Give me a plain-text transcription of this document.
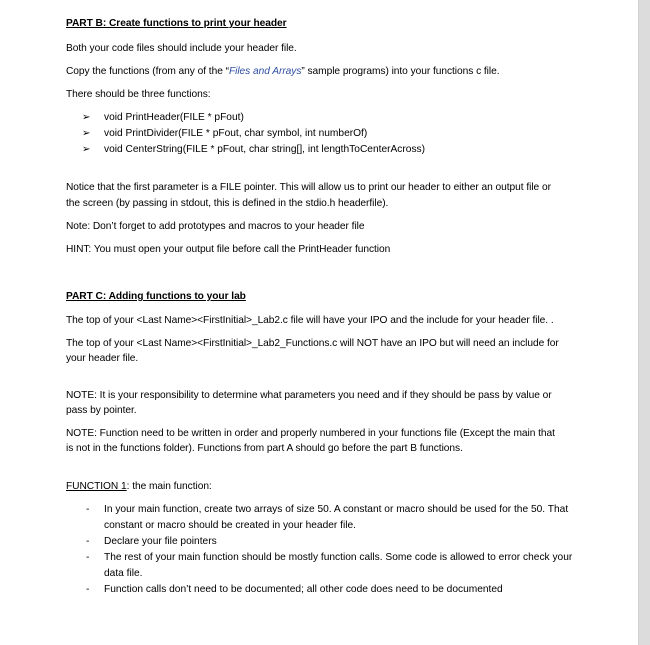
PART B: Create functions to print your header
Both your code files should include your header file.
Copy the functions (from any of the “Files and Arrays” sample programs) into your functions c file.
There should be three functions:
➢ void PrintHeader(FILE * pFout)
➢ void PrintDivider(FILE * pFout, char symbol, int numberOf)
➢ void CenterString(FILE * pFout, char string[], int lengthToCenterAcross)
Notice that the first parameter is a FILE pointer. This will allow us to print our header to either an output file or
the screen (by passing in stdout, this is defined in the stdio.h headerfile).
Note: Don’t forget to add prototypes and macros to your header file
HINT: You must open your output file before call the PrintHeader function
PART C: Adding functions to your lab
The top of your <Last Name><FirstInitial>_Lab2.c file will have your IPO and the include for your header file. .
The top of your <Last Name><FirstInitial>_Lab2_Functions.c will NOT have an IPO but will need an include for
your header file.
NOTE: It is your responsibility to determine what parameters you need and if they should be pass by value or
pass by pointer.
NOTE: Function need to be written in order and properly numbered in your functions file (Except the main that
is not in the functions folder). Functions from part A should go before the part B functions.
FUNCTION 1: the main function:
- In your main function, create two arrays of size 50. A constant or macro should be used for the 50. That
constant or macro should be created in your header file.
- Declare your file pointers
- The rest of your main function should be mostly function calls. Some code is allowed to error check your
data file.
- Function calls don’t need to be documented; all other code does need to be documented
